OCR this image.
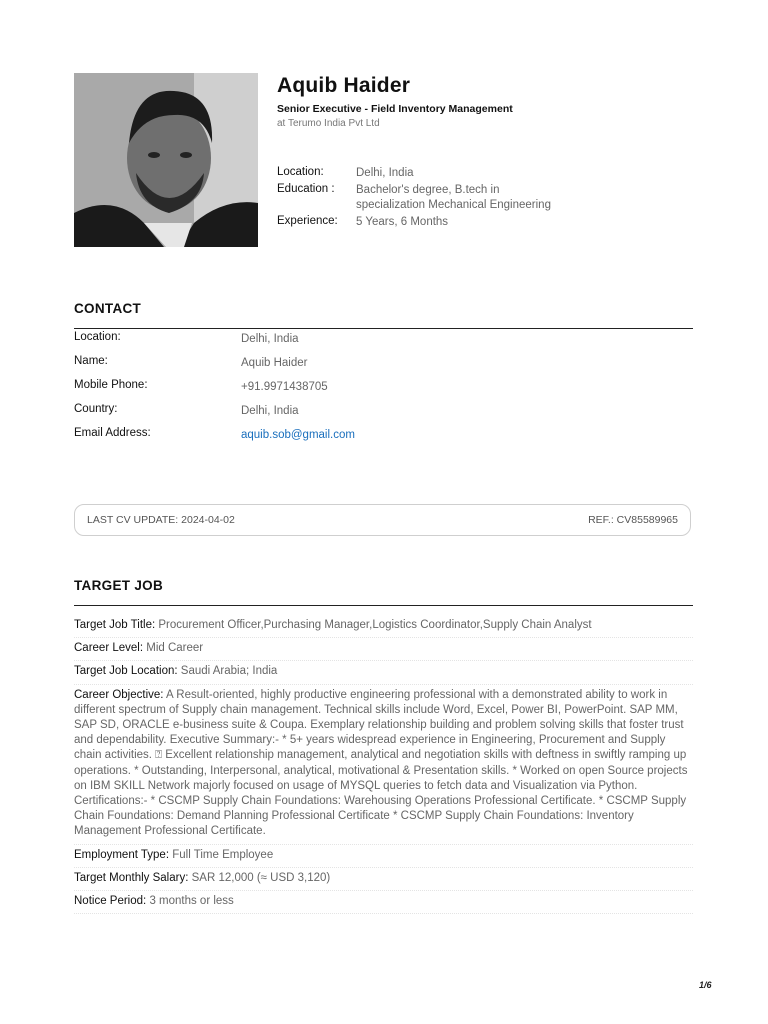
Aquib Haider
Senior Executive - Field Inventory Management
at Terumo India Pvt Ltd
Location:	Delhi, India
Education :	Bachelor's degree, B.tech in specialization Mechanical Engineering
Experience:	5 Years, 6 Months
CONTACT
Location:	Delhi, India
Name:	Aquib Haider
Mobile Phone:	+91.9971438705
Country:	Delhi, India
Email Address:	aquib.sob@gmail.com
LAST CV UPDATE: 2024-04-02	REF.: CV85589965
TARGET JOB
Target Job Title: Procurement Officer,Purchasing Manager,Logistics Coordinator,Supply Chain Analyst
Career Level: Mid Career
Target Job Location: Saudi Arabia; India
Career Objective: A Result-oriented, highly productive engineering professional with a demonstrated ability to work in different spectrum of Supply chain management. Technical skills include Word, Excel, Power BI, PowerPoint. SAP MM, SAP SD, ORACLE e-business suite & Coupa. Exemplary relationship building and problem solving skills that foster trust and dependability. Executive Summary:- * 5+ years widespread experience in Engineering, Procurement and Supply chain activities. ⍰ Excellent relationship management, analytical and negotiation skills with deftness in swiftly ramping up operations. * Outstanding, Interpersonal, analytical, motivational & Presentation skills. * Worked on open Source projects on IBM SKILL Network majorly focused on usage of MYSQL queries to fetch data and Visualization via Python. Certifications:- * CSCMP Supply Chain Foundations: Warehousing Operations Professional Certificate. * CSCMP Supply Chain Foundations: Demand Planning Professional Certificate * CSCMP Supply Chain Foundations: Inventory Management Professional Certificate.
Employment Type: Full Time Employee
Target Monthly Salary: SAR 12,000 (≈ USD 3,120)
Notice Period: 3 months or less
1/6
